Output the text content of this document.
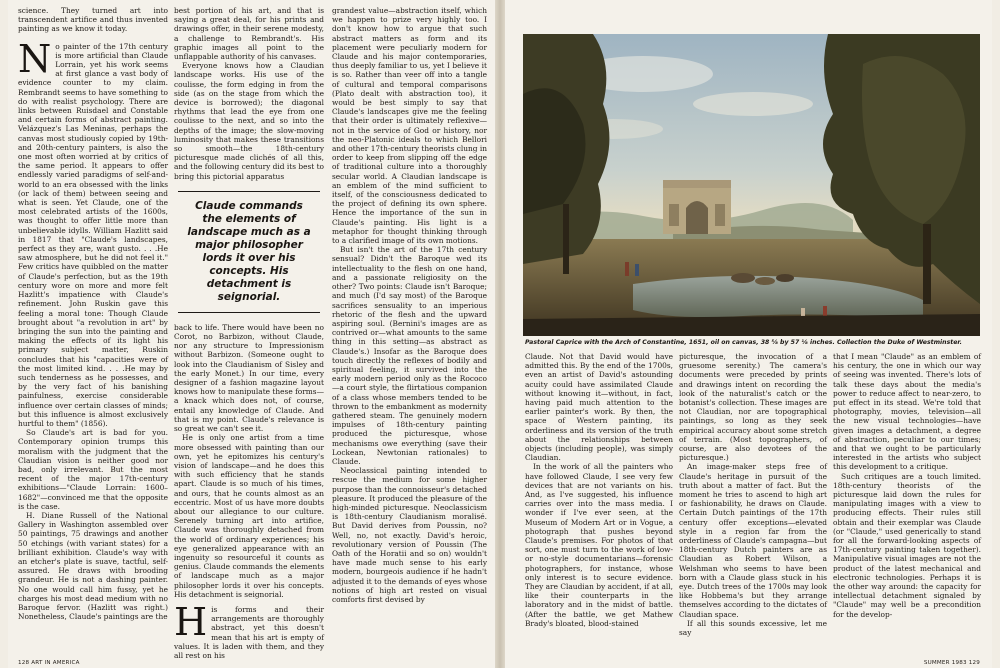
science. They turned art into transcendent artifice and thus invented painting as we know it today.

No painter of the 17th century is more artificial than Claude Lorrain, yet his work seems at first glance a vast body of evidence counter to my claim. Rembrandt seems to have something to do with realist psychology. There are links between Ruisdael and Constable and certain forms of abstract painting. Velázquez's Las Meninas, perhaps the canvas most studiously copied by 19th- and 20th-century painters, is also the one most often worried at by critics of the same period. It appears to offer endlessly varied paradigms of self-and-world to an era obsessed with the links (or lack of them) between seeing and what is seen. Yet Claude, one of the most celebrated artists of the 1600s, was thought to offer little more than unbelievable idylls. William Hazlitt said in 1817 that "Claude's landscapes, perfect as they are, want gusto. . . .He saw atmosphere, but he did not feel it." Few critics have quibbled on the matter of Claude's perfection, but as the 19th century wore on more and more felt Hazlitt's impatience with Claude's refinement. John Ruskin gave this feeling a moral tone: Though Claude brought about "a revolution in art" by bringing the sun into the painting and making the effects of its light his primary subject matter, Ruskin concludes that his "capacities were of the most limited kind. . . .He may by such tenderness as he possesses, and by the very fact of his banishing painfulness, exercise considerable influence over certain classes of minds; but this influence is almost exclusively hurtful to them" (1856).

So Claude's art is bad for you. Contemporary opinion trumps this moralism with the judgment that the Claudian vision is neither good nor bad, only irrelevant. But the most recent of the major 17th-century exhibitions—"Claude Lorrain: 1600–1682"—convinced me that the opposite is the case.

H. Diane Russell of the National Gallery in Washington assembled over 50 paintings, 75 drawings and another 50 etchings (with variant states) for a brilliant exhibition. Claude's way with an etcher's plate is suave, tactful, self-assured. He draws with brooding grandeur. He is not a dashing painter. No one would call him fussy, yet he charges his most dead medium with no Baroque fervor. (Hazlitt was right.) Nonetheless, Claude's paintings are the

best portion of his art, and that is saying a great deal, for his prints and drawings offer, in their serene modesty, a challenge to Rembrandt's. His graphic images all point to the unflappable authority of his canvases.

Everyone knows how a Claudian landscape works. His use of the coulisse, the form edging in from the side (as on the stage from which the device is borrowed); the diagonal rhythms that lead the eye from one coulisse to the next, and so into the depths of the image; the slow-moving luminosity that makes these transitions so smooth—the 18th-century picturesque made clichés of all this, and the following century did its best to bring this pictorial apparatus

Claude commands the elements of landscape much as a major philosopher lords it over his concepts. His detachment is seignorial.

back to life. There would have been no Corot, no Barbizon, without Claude, nor any structure to Impressionism without Barbizon. (Someone ought to look into the Claudianism of Sisley and the early Monet.) In our time, every designer of a fashion magazine layout knows how to manipulate these forms—a knack which does not, of course, entail any knowledge of Claude. And that is my point. Claude's relevance is so great we can't see it.

He is only one artist from a time more obsessed with painting than our own, yet he epitomizes his century's vision of landscape—and he does this with such efficiency that he stands apart. Claude is so much of his times, and ours, that he counts almost as an eccentric. Most of us have more doubts about our allegiance to our culture. Serenely turning art into artifice, Claude was thoroughly detached from the world of ordinary experiences; his eye generalized appearance with an ingenuity so resourceful it counts as genius. Claude commands the elements of landscape much as a major philosopher lords it over his concepts. His detachment is seignorial.

His forms and their arrangements are thoroughly abstract, yet this doesn't mean that his art is empty of values. It is laden with them, and they all rest on his

grandest value—abstraction itself, which we happen to prize very highly too. I don't know how to argue that such abstract matters as form and its placement were peculiarly modern for Claude and his major contemporaries, thus deeply familiar to us, yet I believe it is so. Rather than veer off into a tangle of cultural and temporal comparisons (Plato dealt with abstraction too), it would be best simply to say that Claude's landscapes give me the feeling that their order is ultimately reflexive—not in the service of God or history, nor the neo-Platonic ideals to which Bellori and other 17th-century theorists clung in order to keep from slipping off the edge of traditional culture into a thoroughly secular world. A Claudian landscape is an emblem of the mind sufficient to itself, of the consciousness dedicated to the project of defining its own sphere. Hence the importance of the sun in Claude's painting. His light is a metaphor for thought thinking through to a clarified image of its own motions.

But isn't the art of the 17th century sensual? Didn't the Baroque wed its intellectuality to the flesh on one hand, and a passionate religiosity on the other? Two points: Claude isn't Baroque; and much (I'd say most) of the Baroque sacrifices sensuality to an imperious rhetoric of the flesh and the upward aspiring soul. (Bernini's images are as contrived or—what amounts to the same thing in this setting—as abstract as Claude's.) Insofar as the Baroque does touch directly the reflexes of bodily and spiritual feeling, it survived into the early modern period only as the Rococo—a court style, the flirtatious companion of a class whose members tended to be thrown to the embankment as modernity gathered steam. The genuinely modern impulses of 18th-century painting produced the picturesque, whose mechanisms owe everything (save their Lockean, Newtonian rationales) to Claude.

Neoclassical painting intended to rescue the medium for some higher purpose than the connoisseur's detached pleasure. It produced the pleasure of the high-minded picturesque. Neoclassicism is 18th-century Claudianism moralisé. But David derives from Poussin, no? Well, no, not exactly. David's heroic, revolutionary version of Poussin (The Oath of the Horatii and so on) wouldn't have made much sense to his early modern, bourgeois audience if he hadn't adjusted it to the demands of eyes whose notions of high art rested on visual comforts first devised by

128 ART IN AMERICA
Pastoral Caprice with the Arch of Constantine, 1651, oil on canvas, 38 ⅝ by 57 ⅛ inches. Collection the Duke of Westminster.

Claude. Not that David would have admitted this. By the end of the 1700s, even an artist of David's astounding acuity could have assimilated Claude without knowing it—without, in fact, having paid much attention to the earlier painter's work. By then, the space of Western painting, its orderliness and its version of the truth about the relationships between objects (including people), was simply Claudian.

In the work of all the painters who have followed Claude, I see very few devices that are not variants on his. And, as I've suggested, his influence carries over into the mass media. I wonder if I've ever seen, at the Museum of Modern Art or in Vogue, a photograph that pushes beyond Claude's premises. For photos of that sort, one must turn to the work of low- or no-style documentarians—forensic photographers, for instance, whose only interest is to secure evidence. They are Claudian by accident, if at all, like their counterparts in the laboratory and in the midst of battle. (After the battle, we get Mathew Brady's bloated, blood-stained

picturesque, the invocation of a gruesome serenity.) The camera's documents were preceded by prints and drawings intent on recording the look of the naturalist's catch or the botanist's collection. These images are not Claudian, nor are topographical paintings, so long as they seek empirical accuracy about some stretch of terrain. (Most topographers, of course, are also devotees of the picturesque.)

An image-maker steps free of Claude's heritage in pursuit of the truth about a matter of fact. But the moment he tries to ascend to high art or fashionability, he draws on Claude. Certain Dutch paintings of the 17th century offer exceptions—elevated style in a region far from the orderliness of Claude's campagna—but 18th-century Dutch painters are as Claudian as Robert Wilson, a Welshman who seems to have been born with a Claude glass stuck in his eye. Dutch trees of the 1700s may look like Hobbema's but they arrange themselves according to the dictates of Claudian space.

If all this sounds excessive, let me say

that I mean "Claude" as an emblem of his century, the one in which our way of seeing was invented. There's lots of talk these days about the media's power to reduce affect to near-zero, to put effect in its stead. We're told that photography, movies, television—all the new visual technologies—have given images a detachment, a degree of abstraction, peculiar to our times; and that we ought to be particularly interested in the artists who subject this development to a critique.

Such critiques are a touch limited. 18th-century theorists of the picturesque laid down the rules for manipulating images with a view to producing effects. Their rules still obtain and their exemplar was Claude (or "Claude," used generically to stand for all the forward-looking aspects of 17th-century painting taken together). Manipulative visual images are not the product of the latest mechanical and electronic technologies. Perhaps it is the other way around: the capacity for intellectual detachment signaled by "Claude" may well be a precondition for the develop-

SUMMER 1983 129
